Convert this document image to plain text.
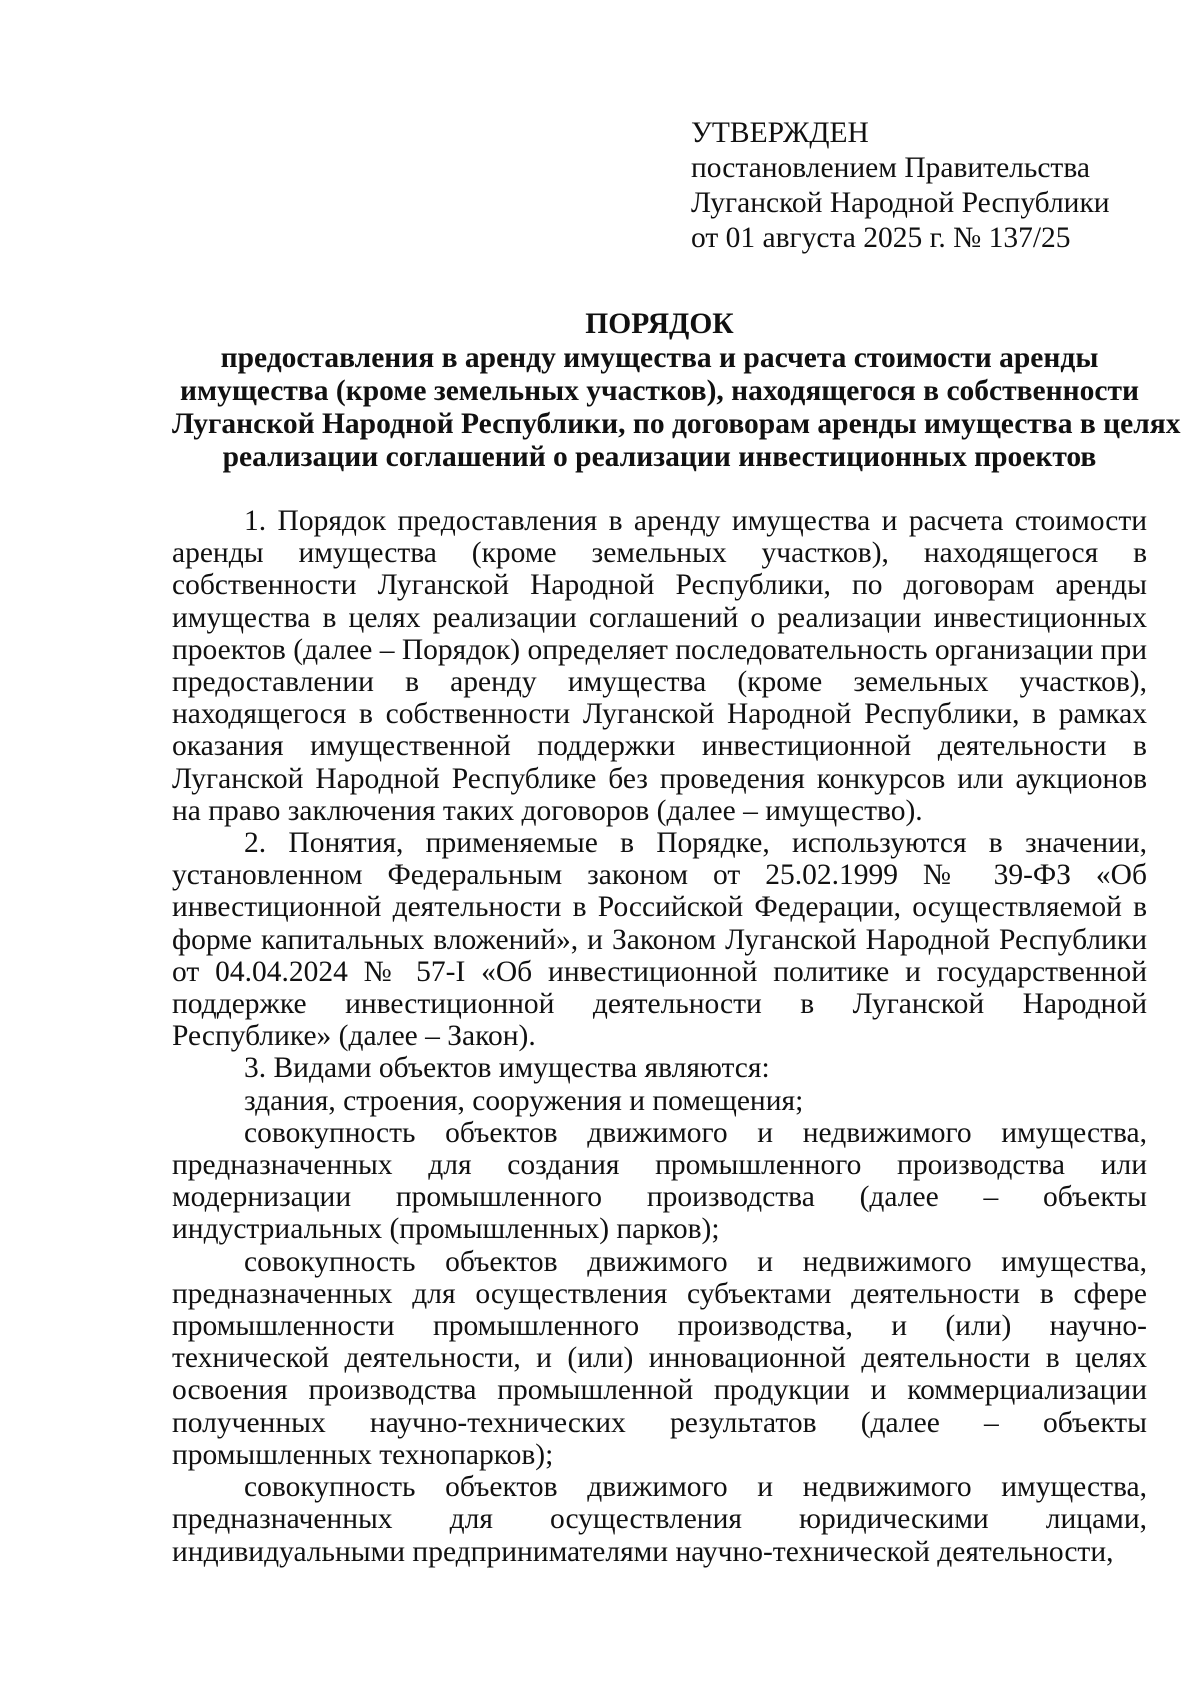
УТВЕРЖДЕН
постановлением Правительства
Луганской Народной Республики
от 01 августа 2025 г. № 137/25
ПОРЯДОК
предоставления в аренду имущества и расчета стоимости аренды
имущества (кроме земельных участков), находящегося в собственности
Луганской Народной Республики, по договорам аренды имущества в целях
реализации соглашений о реализации инвестиционных проектов

1. Порядок предоставления в аренду имущества и расчета стоимости аренды имущества (кроме земельных участков), находящегося в собственности Луганской Народной Республики, по договорам аренды имущества в целях реализации соглашений о реализации инвестиционных проектов (далее – Порядок) определяет последовательность организации при предоставлении в аренду имущества (кроме земельных участков), находящегося в собственности Луганской Народной Республики, в рамках оказания имущественной поддержки инвестиционной деятельности в Луганской Народной Республике без проведения конкурсов или аукционов на право заключения таких договоров (далее – имущество).

2. Понятия, применяемые в Порядке, используются в значении, установленном Федеральным законом от 25.02.1999 № 39-ФЗ «Об инвестиционной деятельности в Российской Федерации, осуществляемой в форме капитальных вложений», и Законом Луганской Народной Республики от 04.04.2024 № 57-I «Об инвестиционной политике и государственной поддержке инвестиционной деятельности в Луганской Народной Республике» (далее – Закон).

3. Видами объектов имущества являются:

здания, строения, сооружения и помещения;

совокупность объектов движимого и недвижимого имущества, предназначенных для создания промышленного производства или модернизации промышленного производства (далее – объекты индустриальных (промышленных) парков);

совокупность объектов движимого и недвижимого имущества, предназначенных для осуществления субъектами деятельности в сфере промышленности промышленного производства, и (или) научно-технической деятельности, и (или) инновационной деятельности в целях освоения производства промышленной продукции и коммерциализации полученных научно-технических результатов (далее – объекты промышленных технопарков);

совокупность объектов движимого и недвижимого имущества, предназначенных для осуществления юридическими лицами, индивидуальными предпринимателями научно-технической деятельности,
